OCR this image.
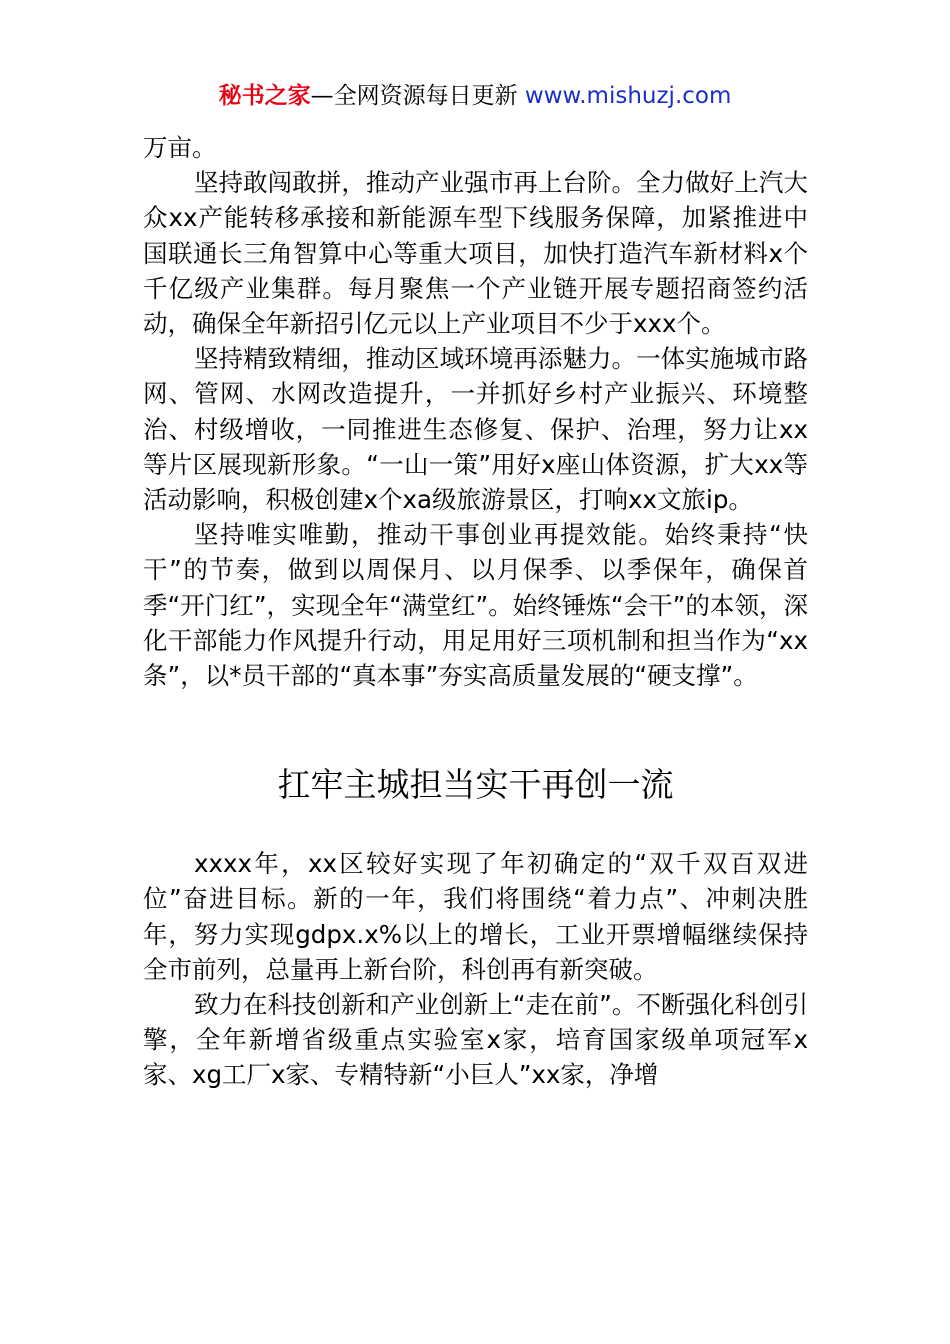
秘书之家—全网资源每日更新 www.mishuzj.com

万亩。

坚持敢闯敢拼，推动产业强市再上台阶。全力做好上汽大众xx产能转移承接和新能源车型下线服务保障，加紧推进中国联通长三角智算中心等重大项目，加快打造汽车新材料x个千亿级产业集群。每月聚焦一个产业链开展专题招商签约活动，确保全年新招引亿元以上产业项目不少于xxx个。

坚持精致精细，推动区域环境再添魅力。一体实施城市路网、管网、水网改造提升，一并抓好乡村产业振兴、环境整治、村级增收，一同推进生态修复、保护、治理，努力让xx等片区展现新形象。“一山一策”用好x座山体资源，扩大xx等活动影响，积极创建x个xa级旅游景区，打响xx文旅ip。

坚持唯实唯勤，推动干事创业再提效能。始终秉持“快干”的节奏，做到以周保月、以月保季、以季保年，确保首季“开门红”，实现全年“满堂红”。始终锤炼“会干”的本领，深化干部能力作风提升行动，用足用好三项机制和担当作为“xx条”，以*员干部的“真本事”夯实高质量发展的“硬支撑”。

扛牢主城担当实干再创一流

xxxx年，xx区较好实现了年初确定的“双千双百双进位”奋进目标。新的一年，我们将围绕“着力点”、冲刺决胜年，努力实现gdpx.x%以上的增长，工业开票增幅继续保持全市前列，总量再上新台阶，科创再有新突破。

致力在科技创新和产业创新上“走在前”。不断强化科创引擎，全年新增省级重点实验室x家，培育国家级单项冠军x家、xg工厂x家、专精特新“小巨人”xx家，净增
